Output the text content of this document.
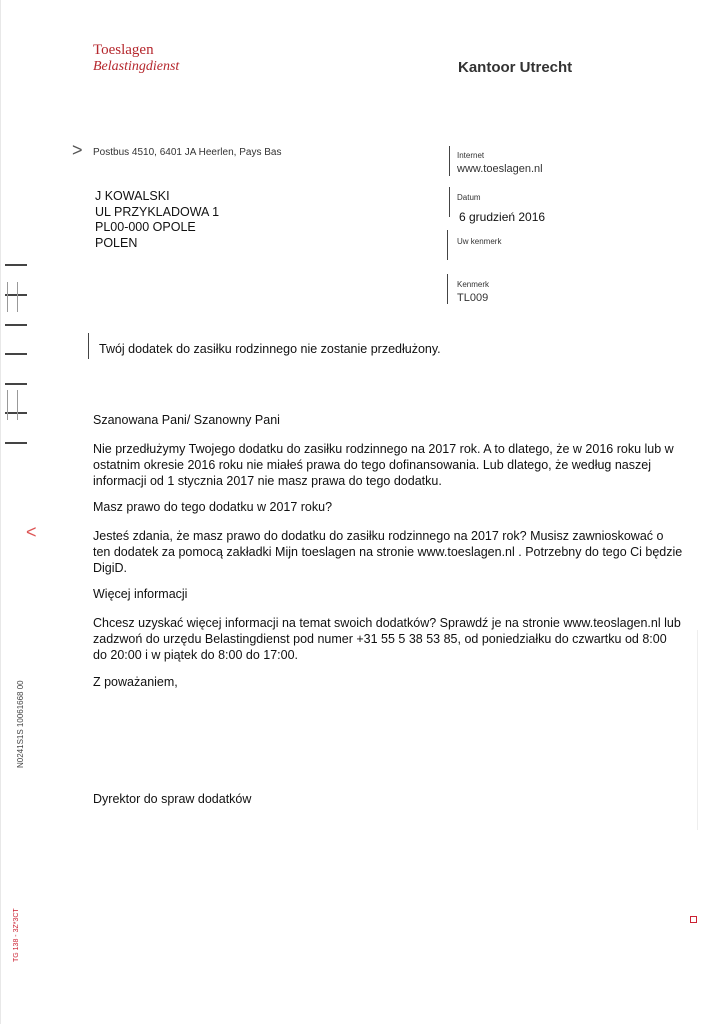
Toeslagen
Belastingdienst	Kantoor Utrecht
> Postbus 4510, 6401 JA Heerlen, Pays Bas
J KOWALSKI
UL PRZYKLADOWA 1
PL00-000 OPOLE
POLEN
Internet
www.toeslagen.nl
Datum
6 grudzień 2016
Uw kenmerk
Kenmerk
TL009
Twój dodatek do zasiłku rodzinnego nie zostanie przedłużony.
Szanowana Pani/ Szanowny Pani
Nie przedłużymy Twojego dodatku do zasiłku rodzinnego na 2017 rok. A to dlatego, że w 2016 roku lub w ostatnim okresie 2016 roku nie miałeś prawa do tego dofinansowania. Lub dlatego, że według naszej informacji od 1 stycznia 2017 nie masz prawa do tego dodatku.
Masz prawo do tego dodatku w 2017 roku?
Jesteś zdania, że masz prawo do dodatku do zasiłku rodzinnego na 2017 rok? Musisz zawnioskować o ten dodatek za pomocą zakładki Mijn toeslagen na stronie www.toeslagen.nl . Potrzebny do tego Ci będzie DigiD.
Więcej informacji
Chcesz uzyskać więcej informacji na temat swoich dodatków? Sprawdź je na stronie www.teoslagen.nl lub zadzwoń do urzędu Belastingdienst pod numer +31 55 5 38 53 85, od poniedziałku do czwartku od 8:00 do 20:00 i w piątek do 8:00 do 17:00.
Z poważaniem,
Dyrektor do spraw dodatków
<
N0241S1S 10061668 00
TG 138 - 3Z*3CT
